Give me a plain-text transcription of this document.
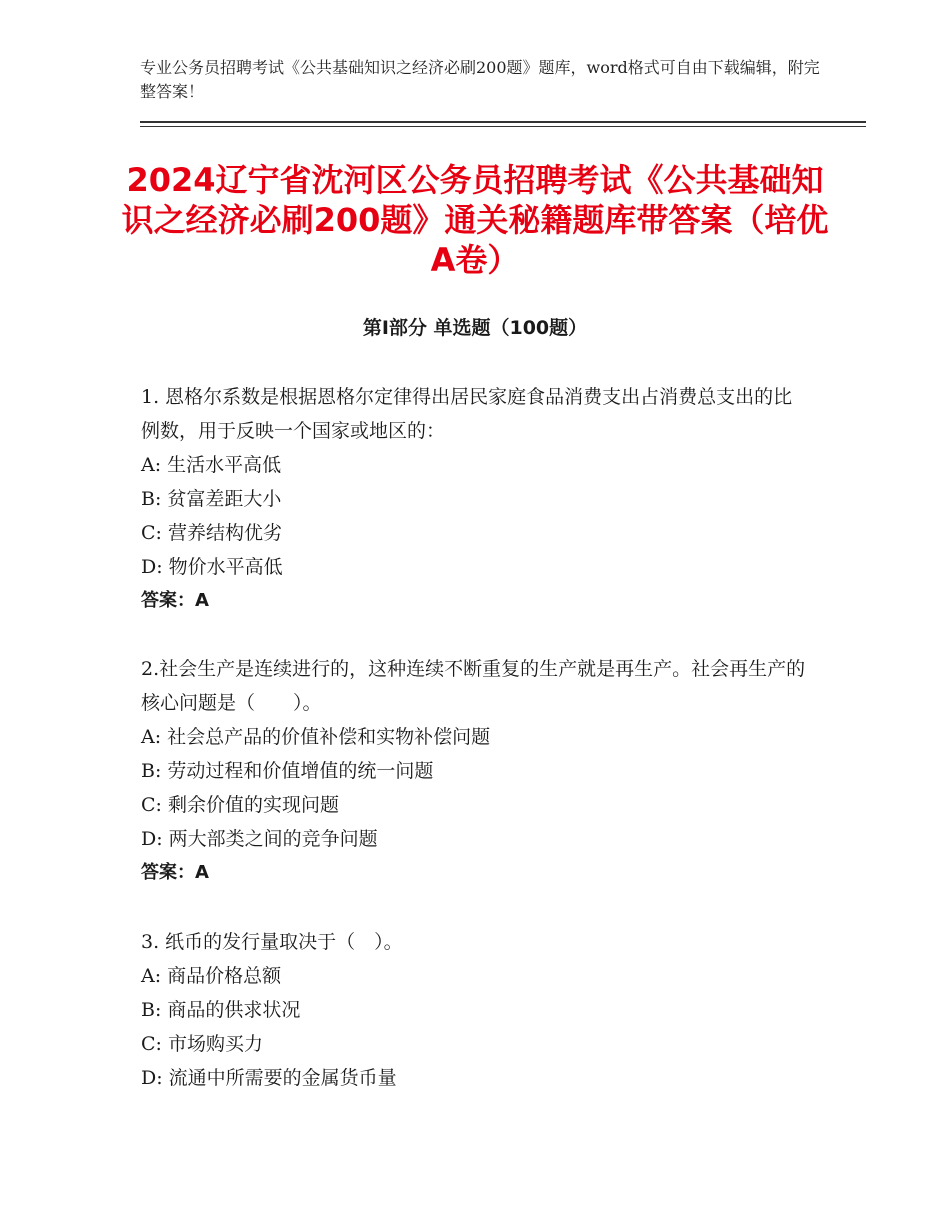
专业公务员招聘考试《公共基础知识之经济必刷200题》题库，word格式可自由下载编辑，附完整答案！
2024辽宁省沈河区公务员招聘考试《公共基础知识之经济必刷200题》通关秘籍题库带答案（培优A卷）
第Ⅰ部分 单选题（100题）

1. 恩格尔系数是根据恩格尔定律得出居民家庭食品消费支出占消费总支出的比例数，用于反映一个国家或地区的：

A: 生活水平高低

B: 贫富差距大小

C: 营养结构优劣

D: 物价水平高低

答案：A

2.社会生产是连续进行的，这种连续不断重复的生产就是再生产。社会再生产的核心问题是（　　）。

A: 社会总产品的价值补偿和实物补偿问题

B: 劳动过程和价值增值的统一问题

C: 剩余价值的实现问题

D: 两大部类之间的竞争问题

答案：A

3. 纸币的发行量取决于（　）。

A: 商品价格总额

B: 商品的供求状况

C: 市场购买力

D: 流通中所需要的金属货币量
